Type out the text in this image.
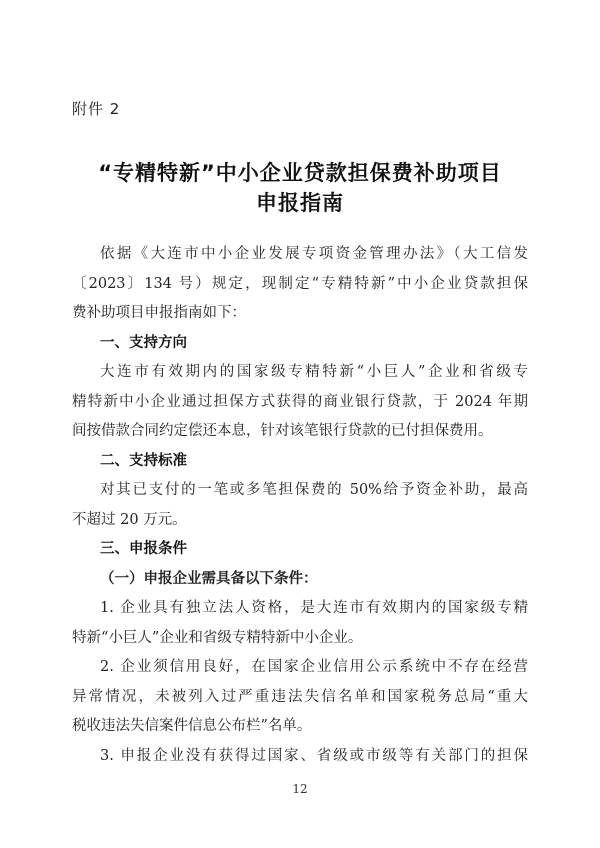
附件 2
“专精特新”中小企业贷款担保费补助项目
申报指南
依据《大连市中小企业发展专项资金管理办法》（大工信发
〔2023〕134 号）规定，现制定“专精特新”中小企业贷款担保
费补助项目申报指南如下：
一、支持方向
大连市有效期内的国家级专精特新“小巨人”企业和省级专
精特新中小企业通过担保方式获得的商业银行贷款，于 2024 年期
间按借款合同约定偿还本息，针对该笔银行贷款的已付担保费用。
二、支持标准
对其已支付的一笔或多笔担保费的 50%给予资金补助，最高
不超过 20 万元。
三、申报条件
（一）申报企业需具备以下条件：
1. 企业具有独立法人资格，是大连市有效期内的国家级专精
特新“小巨人”企业和省级专精特新中小企业。
2. 企业须信用良好，在国家企业信用公示系统中不存在经营
异常情况，未被列入过严重违法失信名单和国家税务总局“重大
税收违法失信案件信息公布栏”名单。
12
3. 申报企业没有获得过国家、省级或市级等有关部门的担保
